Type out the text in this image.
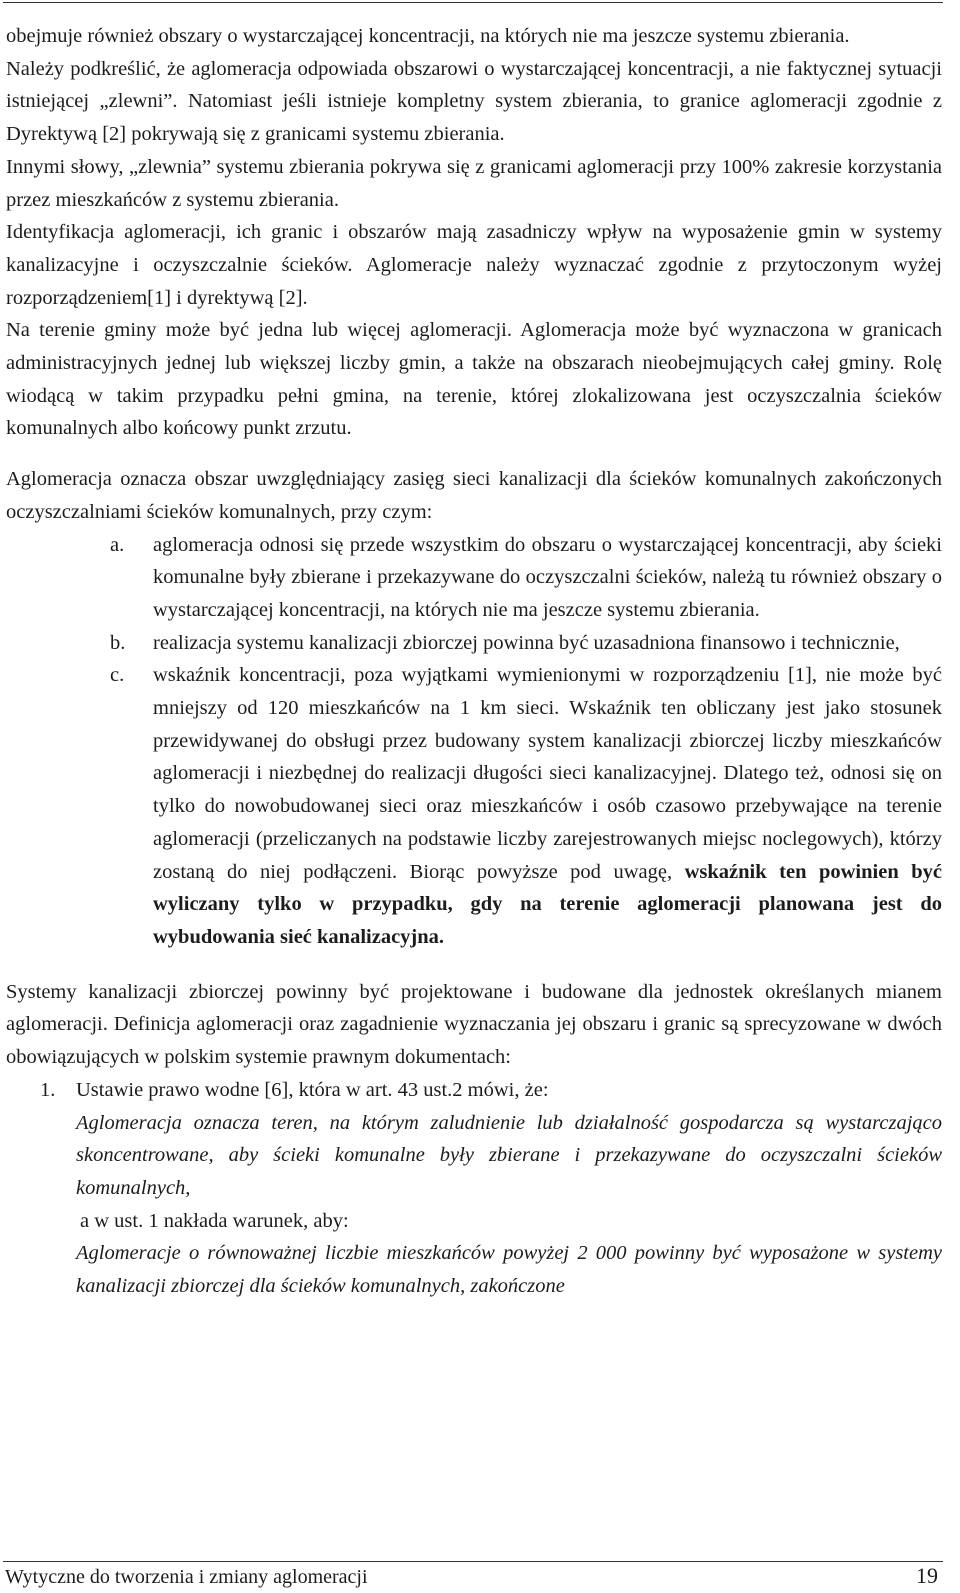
obejmuje również obszary o wystarczającej koncentracji, na których nie ma jeszcze systemu zbierania.

Należy podkreślić, że aglomeracja odpowiada obszarowi o wystarczającej koncentracji, a nie faktycznej sytuacji istniejącej „zlewni”. Natomiast jeśli istnieje kompletny system zbierania, to granice aglomeracji zgodnie z Dyrektywą [2] pokrywają się z granicami systemu zbierania.

Innymi słowy, „zlewnia” systemu zbierania pokrywa się z granicami aglomeracji przy 100% zakresie korzystania przez mieszkańców z systemu zbierania.

Identyfikacja aglomeracji, ich granic i obszarów mają zasadniczy wpływ na wyposażenie gmin w systemy kanalizacyjne i oczyszczalnie ścieków. Aglomeracje należy wyznaczać zgodnie z przytoczonym wyżej rozporządzeniem[1] i dyrektywą [2].

Na terenie gminy może być jedna lub więcej aglomeracji. Aglomeracja może być wyznaczona w granicach administracyjnych jednej lub większej liczby gmin, a także na obszarach nieobejmujących całej gminy. Rolę wiodącą w takim przypadku pełni gmina, na terenie, której zlokalizowana jest oczyszczalnia ścieków komunalnych albo końcowy punkt zrzutu.

Aglomeracja oznacza obszar uwzględniający zasięg sieci kanalizacji dla ścieków komunalnych zakończonych oczyszczalniami ścieków komunalnych, przy czym:

a. aglomeracja odnosi się przede wszystkim do obszaru o wystarczającej koncentracji, aby ścieki komunalne były zbierane i przekazywane do oczyszczalni ścieków, należą tu również obszary o wystarczającej koncentracji, na których nie ma jeszcze systemu zbierania.
b. realizacja systemu kanalizacji zbiorczej powinna być uzasadniona finansowo i technicznie,
c. wskaźnik koncentracji, poza wyjątkami wymienionymi w rozporządzeniu [1], nie może być mniejszy od 120 mieszkańców na 1 km sieci. Wskaźnik ten obliczany jest jako stosunek przewidywanej do obsługi przez budowany system kanalizacji zbiorczej liczby mieszkańców aglomeracji i niezbędnej do realizacji długości sieci kanalizacyjnej. Dlatego też, odnosi się on tylko do nowobudowanej sieci oraz mieszkańców i osób czasowo przebywające na terenie aglomeracji (przeliczanych na podstawie liczby zarejestrowanych miejsc noclegowych), którzy zostaną do niej podłączeni. Biorąc powyższe pod uwagę, wskaźnik ten powinien być wyliczany tylko w przypadku, gdy na terenie aglomeracji planowana jest do wybudowania sieć kanalizacyjna.

Systemy kanalizacji zbiorczej powinny być projektowane i budowane dla jednostek określanych mianem aglomeracji. Definicja aglomeracji oraz zagadnienie wyznaczania jej obszaru i granic są sprecyzowane w dwóch obowiązujących w polskim systemie prawnym dokumentach:

1. Ustawie prawo wodne [6], która w art. 43 ust.2 mówi, że:

Aglomeracja oznacza teren, na którym zaludnienie lub działalność gospodarcza są wystarczająco skoncentrowane, aby ścieki komunalne były zbierane i przekazywane do oczyszczalni ścieków komunalnych,

a w ust. 1 nakłada warunek, aby:

Aglomeracje o równoważnej liczbie mieszkańców powyżej 2 000 powinny być wyposażone w systemy kanalizacji zbiorczej dla ścieków komunalnych, zakończone

Wytyczne do tworzenia i zmiany aglomeracji	19
